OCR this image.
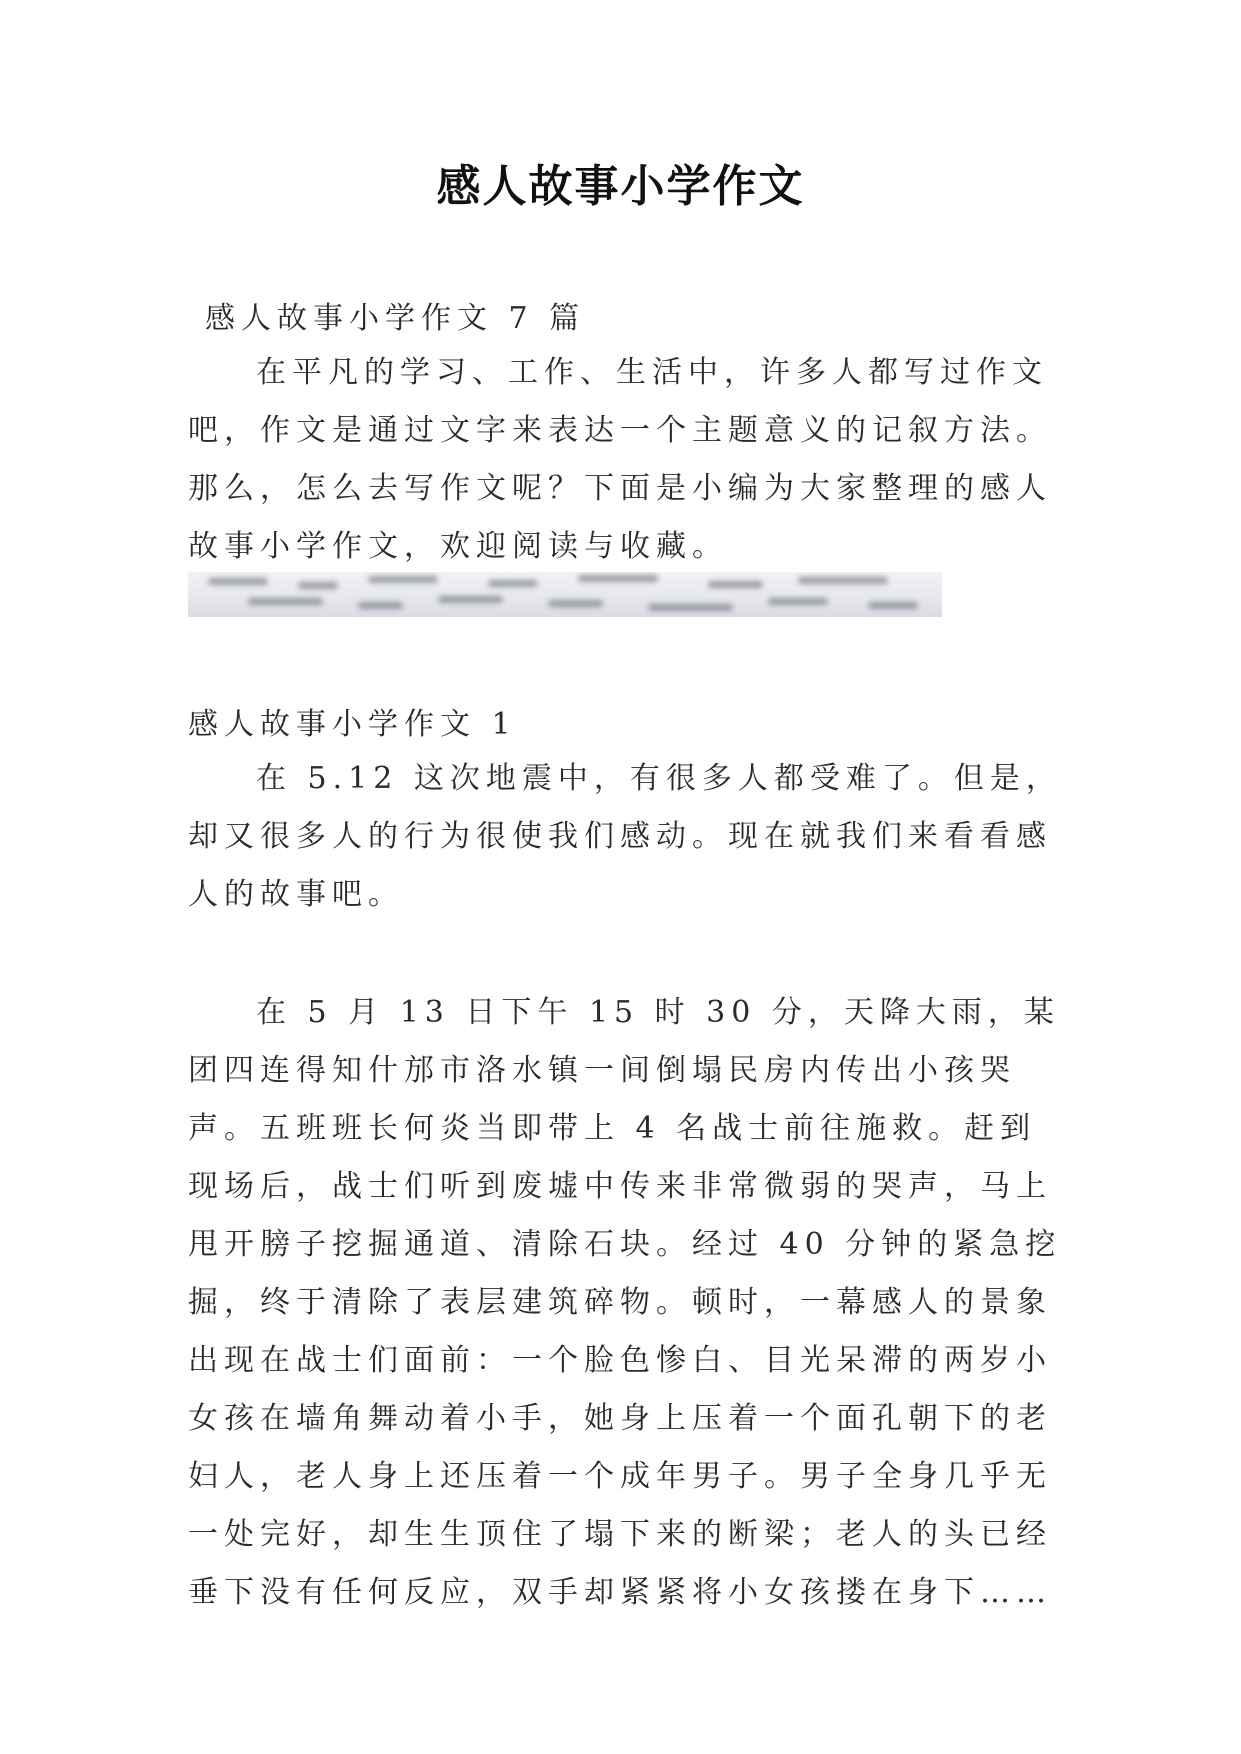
感人故事小学作文

感人故事小学作文 7 篇

在平凡的学习、工作、生活中，许多人都写过作文吧，作文是通过文字来表达一个主题意义的记叙方法。那么，怎么去写作文呢？下面是小编为大家整理的感人故事小学作文，欢迎阅读与收藏。

感人故事小学作文 1

在 5.12 这次地震中，有很多人都受难了。但是，却又很多人的行为很使我们感动。现在就我们来看看感人的故事吧。

在 5 月 13 日下午 15 时 30 分，天降大雨，某团四连得知什邡市洛水镇一间倒塌民房内传出小孩哭声。五班班长何炎当即带上 4 名战士前往施救。赶到现场后，战士们听到废墟中传来非常微弱的哭声，马上甩开膀子挖掘通道、清除石块。经过 40 分钟的紧急挖掘，终于清除了表层建筑碎物。顿时，一幕感人的景象出现在战士们面前：一个脸色惨白、目光呆滞的两岁小女孩在墙角舞动着小手，她身上压着一个面孔朝下的老妇人，老人身上还压着一个成年男子。男子全身几乎无一处完好，却生生顶住了塌下来的断梁；老人的头已经垂下没有任何反应，双手却紧紧将小女孩搂在身下……
